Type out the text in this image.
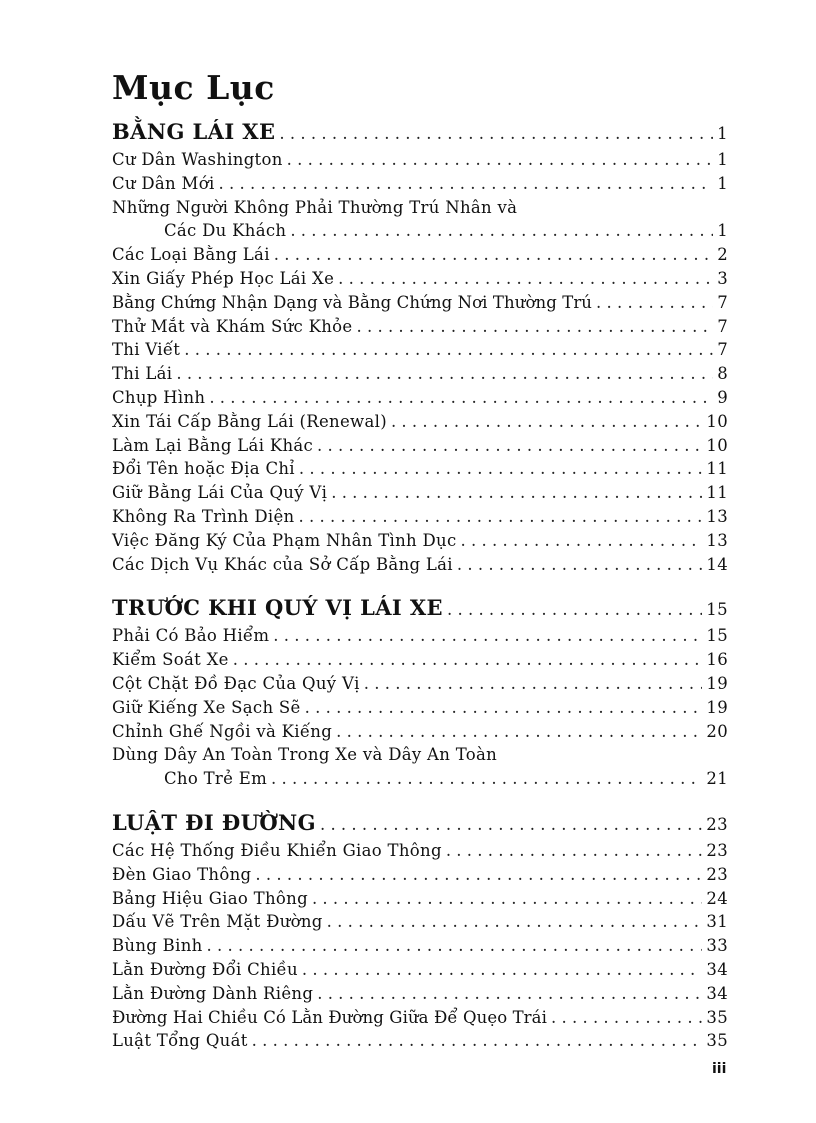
Mục Lục
BẰNG LÁI XE . . .	1
Cư Dân Washington . . .	1
Cư Dân Mới . . .	1
Những Người Không Phải Thường Trú Nhân và
Các Du Khách . . .	1
Các Loại Bằng Lái . . .	2
Xin Giấy Phép Học Lái Xe . . .	3
Bằng Chứng Nhận Dạng và Bằng Chứng Nơi Thường Trú . . .	7
Thử Mắt và Khám Sức Khỏe . . .	7
Thi Viết . . .	7
Thi Lái . . .	8
Chụp Hình . . .	9
Xin Tái Cấp Bằng Lái (Renewal) . . .	10
Làm Lại Bằng Lái Khác . . .	10
Đổi Tên hoặc Địa Chỉ . . .	11
Giữ Bằng Lái Của Quý Vị . . .	11
Không Ra Trình Diện . . .	13
Việc Đăng Ký Của Phạm Nhân Tình Dục . . .	13
Các Dịch Vụ Khác của Sở Cấp Bằng Lái . . .	14
TRƯỚC KHI QUÝ VỊ LÁI XE . . .	15
Phải Có Bảo Hiểm . . .	15
Kiểm Soát Xe . . .	16
Cột Chặt Đồ Đạc Của Quý Vị . . .	19
Giữ Kiếng Xe Sạch Sẽ . . .	19
Chỉnh Ghế Ngồi và Kiếng . . .	20
Dùng Dây An Toàn Trong Xe và Dây An Toàn
Cho Trẻ Em . . .	21
LUẬT ĐI ĐƯỜNG . . .	23
Các Hệ Thống Điều Khiển Giao Thông . . .	23
Đèn Giao Thông . . .	23
Bảng Hiệu Giao Thông . . .	24
Dấu Vẽ Trên Mặt Đường . . .	31
Bùng Binh . . .	33
Lằn Đường Đổi Chiều . . .	34
Lằn Đường Dành Riêng . . .	34
Đường Hai Chiều Có Lằn Đường Giữa Để Quẹo Trái . . .	35
Luật Tổng Quát . . .	35
iii
